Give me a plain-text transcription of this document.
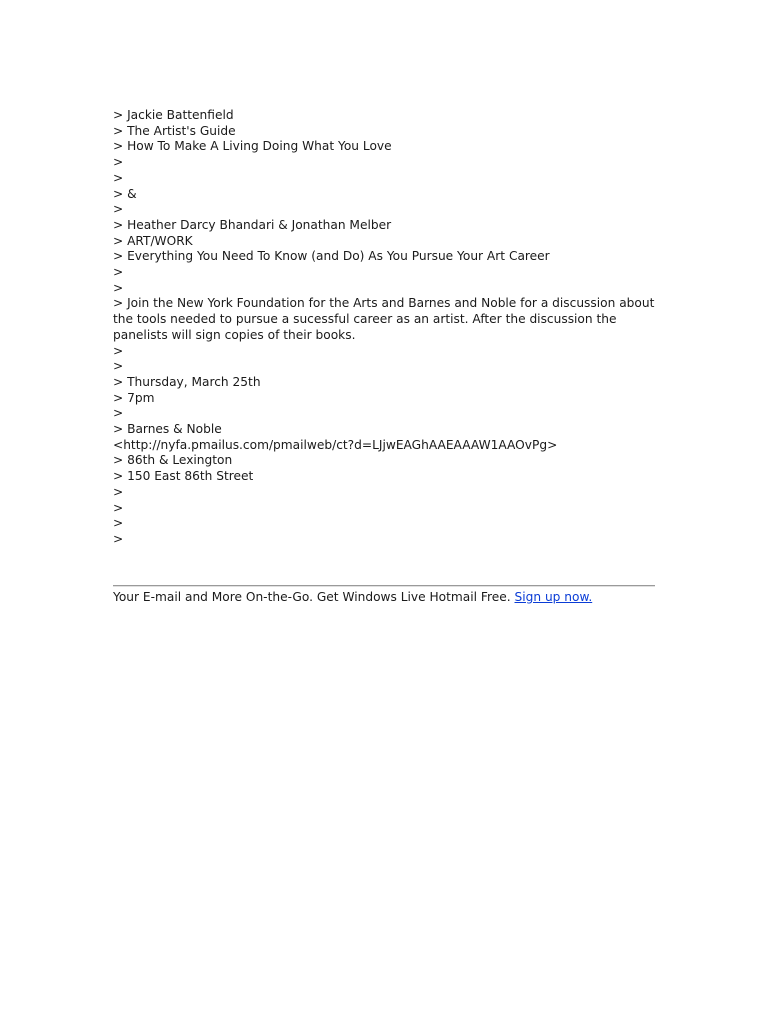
> Jackie Battenfield
> The Artist's Guide
> How To Make A Living Doing What You Love
>
>
> &
>
> Heather Darcy Bhandari & Jonathan Melber
> ART/WORK
> Everything You Need To Know (and Do) As You Pursue Your Art Career
>
>
> Join the New York Foundation for the Arts and Barnes and Noble for a discussion about the tools needed to pursue a sucessful career as an artist. After the discussion the panelists will sign copies of their books.
>
>
> Thursday, March 25th
> 7pm
>
> Barnes & Noble
<http://nyfa.pmailus.com/pmailweb/ct?d=LJjwEAGhAAEAAAW1AAOvPg>
> 86th & Lexington
> 150 East 86th Street
>
>
>
>
Your E-mail and More On-the-Go. Get Windows Live Hotmail Free. Sign up now.
